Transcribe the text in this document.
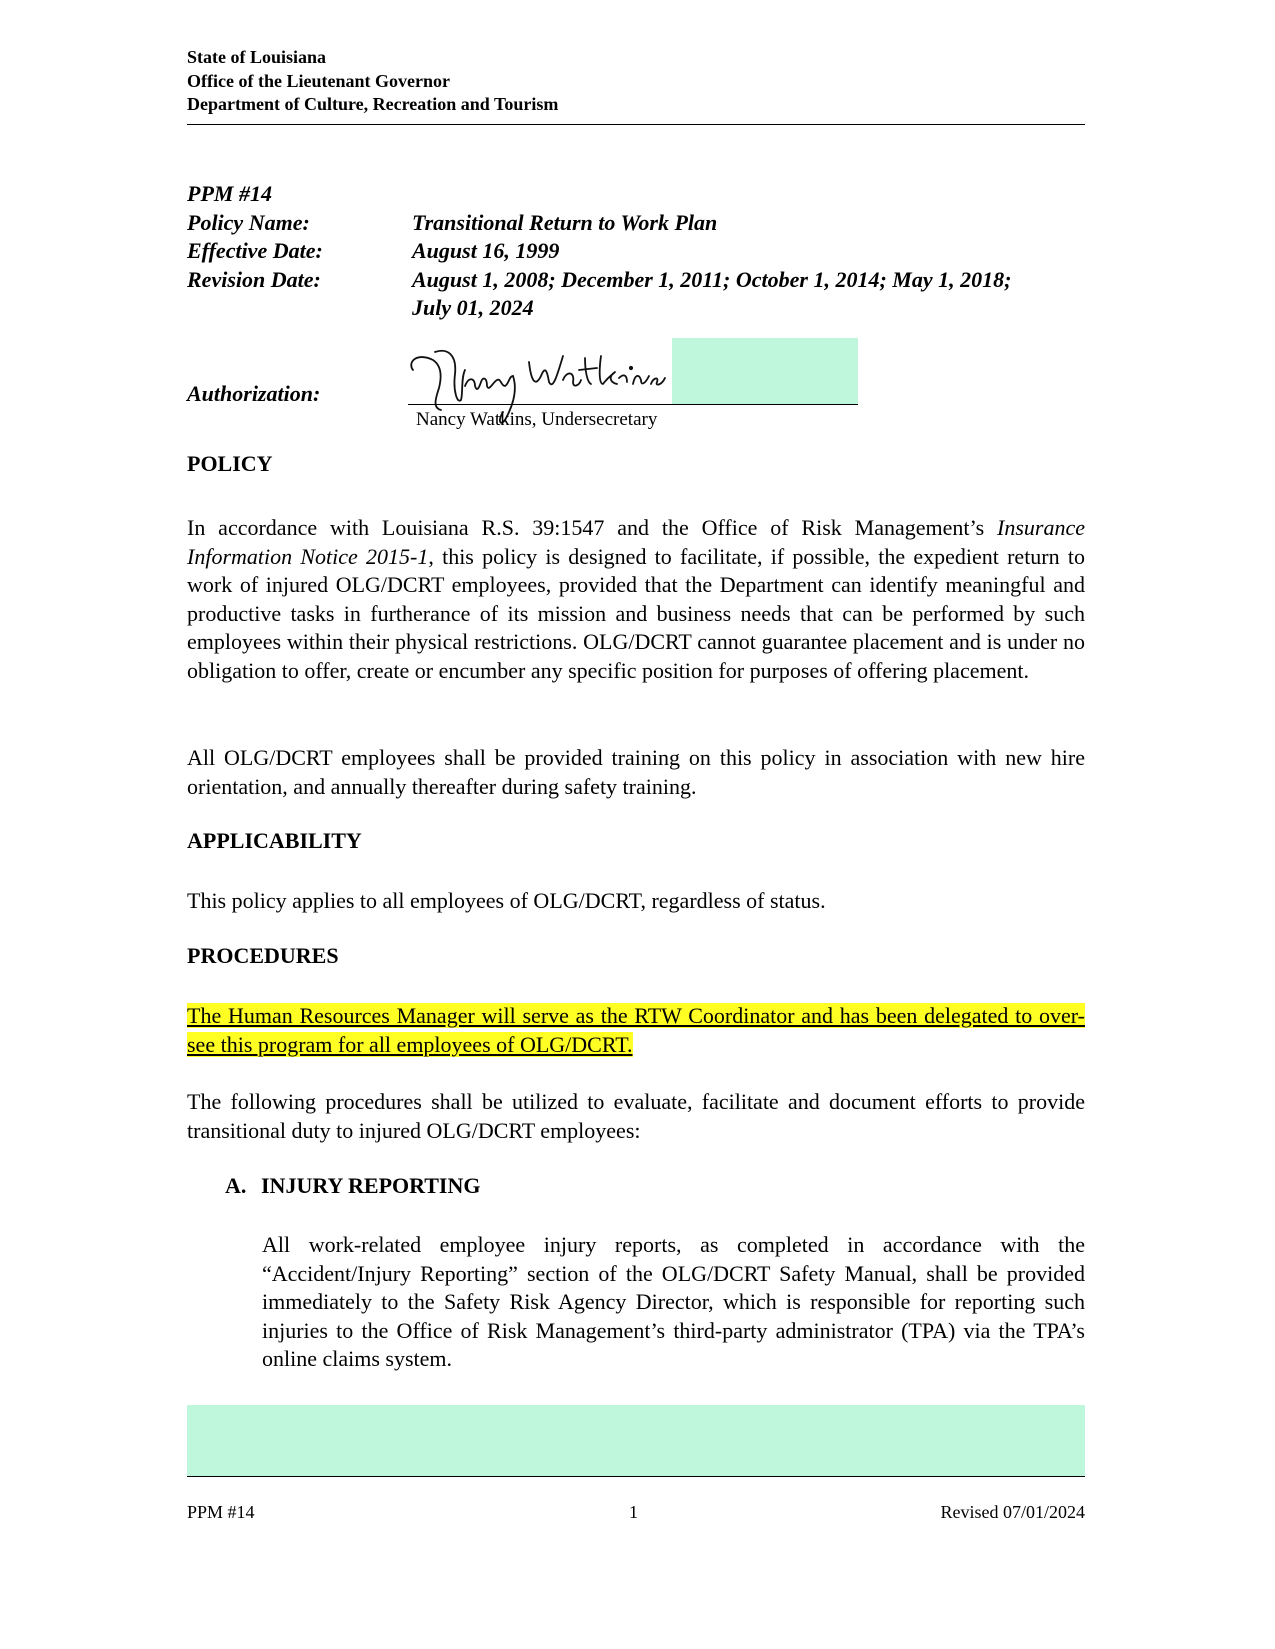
State of Louisiana
Office of the Lieutenant Governor
Department of Culture, Recreation and Tourism
PPM #14
Policy Name:	Transitional Return to Work Plan
Effective Date:	August 16, 1999
Revision Date:	August 1, 2008; December 1, 2011; October 1, 2014; May 1, 2018;
July 01, 2024
Authorization:
Nancy Watkins, Undersecretary
POLICY
In accordance with Louisiana R.S. 39:1547 and the Office of Risk Management’s Insurance Information Notice 2015-1, this policy is designed to facilitate, if possible, the expedient return to work of injured OLG/DCRT employees, provided that the Department can identify meaningful and productive tasks in furtherance of its mission and business needs that can be performed by such employees within their physical restrictions. OLG/DCRT cannot guarantee placement and is under no obligation to offer, create or encumber any specific position for purposes of offering placement.
All OLG/DCRT employees shall be provided training on this policy in association with new hire orientation, and annually thereafter during safety training.
APPLICABILITY
This policy applies to all employees of OLG/DCRT, regardless of status.
PROCEDURES
The Human Resources Manager will serve as the RTW Coordinator and has been delegated to over-see this program for all employees of OLG/DCRT.
The following procedures shall be utilized to evaluate, facilitate and document efforts to provide transitional duty to injured OLG/DCRT employees:
A. INJURY REPORTING
All work-related employee injury reports, as completed in accordance with the “Accident/Injury Reporting” section of the OLG/DCRT Safety Manual, shall be provided immediately to the Safety Risk Agency Director, which is responsible for reporting such injuries to the Office of Risk Management’s third-party administrator (TPA) via the TPA’s online claims system.
PPM #14	1	Revised 07/01/2024
